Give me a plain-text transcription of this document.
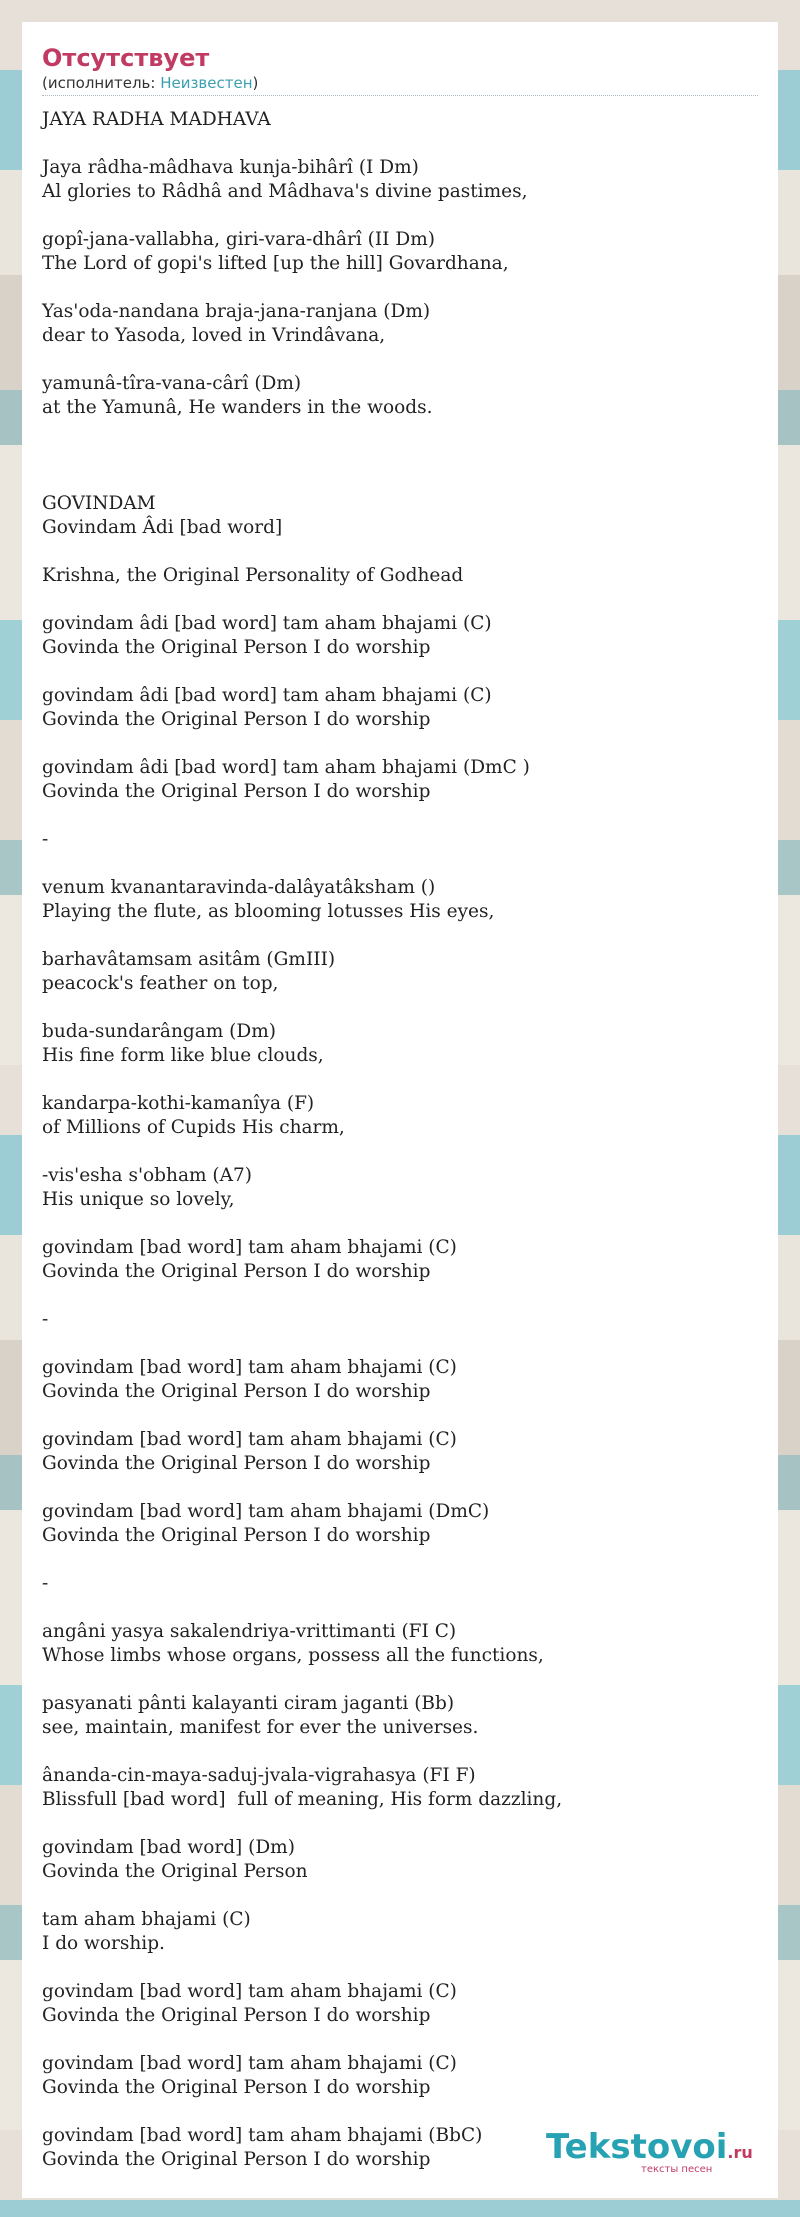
Отсутствует
(исполнитель: Неизвестен)
JAYA RADHA MADHAVA
Jaya râdha-mâdhava kunja-bihârî (I Dm)
Al glories to Râdhâ and Mâdhava's divine pastimes,
gopî-jana-vallabha, giri-vara-dhârî (II Dm)
The Lord of gopi's lifted [up the hill] Govardhana,
Yas'oda-nandana braja-jana-ranjana (Dm)
dear to Yasoda, loved in Vrindâvana,
yamunâ-tîra-vana-cârî (Dm)
at the Yamunâ, He wanders in the woods.
GOVINDAM
Govindam Âdi [bad word]
Krishna, the Original Personality of Godhead
govindam âdi [bad word] tam aham bhajami (C)
Govinda the Original Person I do worship
govindam âdi [bad word] tam aham bhajami (C)
Govinda the Original Person I do worship
govindam âdi [bad word] tam aham bhajami (DmC )
Govinda the Original Person I do worship
-
venum kvanantaravinda-dalâyatâksham ()
Playing the flute, as blooming lotusses His eyes,
barhavâtamsam asitâm (GmIII)
peacock's feather on top,
buda-sundarângam (Dm)
His fine form like blue clouds,
kandarpa-kothi-kamanîya (F)
of Millions of Cupids His charm,
-vis'esha s'obham (A7)
His unique so lovely,
govindam [bad word] tam aham bhajami (C)
Govinda the Original Person I do worship
-
govindam [bad word] tam aham bhajami (C)
Govinda the Original Person I do worship
govindam [bad word] tam aham bhajami (C)
Govinda the Original Person I do worship
govindam [bad word] tam aham bhajami (DmC)
Govinda the Original Person I do worship
-
angâni yasya sakalendriya-vrittimanti (FI C)
Whose limbs whose organs, possess all the functions,
pasyanati pânti kalayanti ciram jaganti (Bb)
see, maintain, manifest for ever the universes.
ânanda-cin-maya-saduj-jvala-vigrahasya (FI F)
Blissfull [bad word]  full of meaning, His form dazzling,
govindam [bad word] (Dm)
Govinda the Original Person
tam aham bhajami (C)
I do worship.
govindam [bad word] tam aham bhajami (C)
Govinda the Original Person I do worship
govindam [bad word] tam aham bhajami (C)
Govinda the Original Person I do worship
govindam [bad word] tam aham bhajami (BbC)
Govinda the Original Person I do worship	Tekstovoi.ru
тексты песен
